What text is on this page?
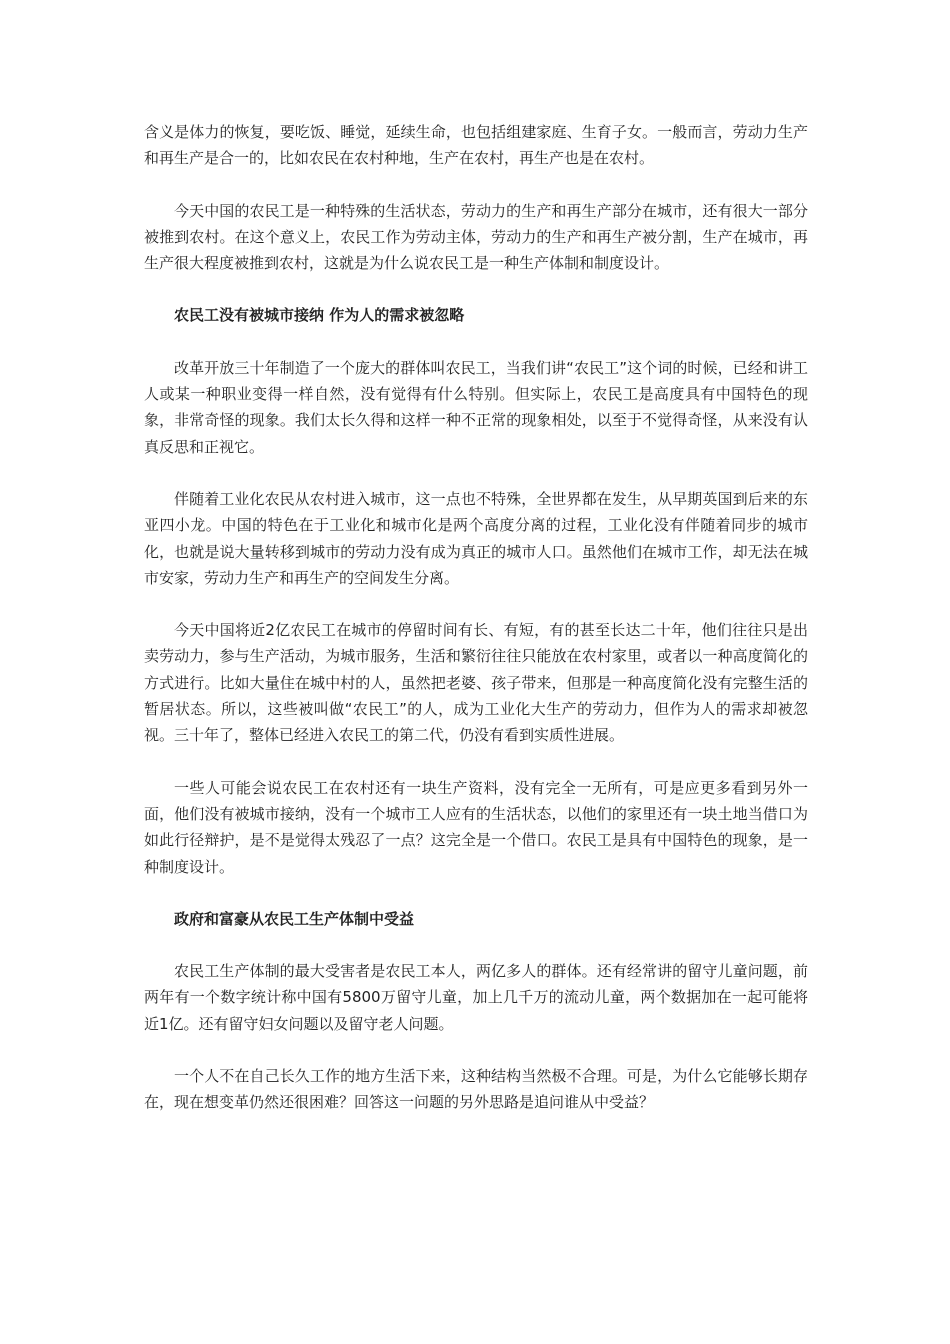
含义是体力的恢复，要吃饭、睡觉，延续生命，也包括组建家庭、生育子女。一般而言，劳动力生产和再生产是合一的，比如农民在农村种地，生产在农村，再生产也是在农村。

今天中国的农民工是一种特殊的生活状态，劳动力的生产和再生产部分在城市，还有很大一部分被推到农村。在这个意义上，农民工作为劳动主体，劳动力的生产和再生产被分割，生产在城市，再生产很大程度被推到农村，这就是为什么说农民工是一种生产体制和制度设计。

农民工没有被城市接纳 作为人的需求被忽略

改革开放三十年制造了一个庞大的群体叫农民工，当我们讲“农民工”这个词的时候，已经和讲工人或某一种职业变得一样自然，没有觉得有什么特别。但实际上，农民工是高度具有中国特色的现象，非常奇怪的现象。我们太长久得和这样一种不正常的现象相处，以至于不觉得奇怪，从来没有认真反思和正视它。

伴随着工业化农民从农村进入城市，这一点也不特殊，全世界都在发生，从早期英国到后来的东亚四小龙。中国的特色在于工业化和城市化是两个高度分离的过程，工业化没有伴随着同步的城市化，也就是说大量转移到城市的劳动力没有成为真正的城市人口。虽然他们在城市工作，却无法在城市安家，劳动力生产和再生产的空间发生分离。

今天中国将近2亿农民工在城市的停留时间有长、有短，有的甚至长达二十年，他们往往只是出卖劳动力，参与生产活动，为城市服务，生活和繁衍往往只能放在农村家里，或者以一种高度简化的方式进行。比如大量住在城中村的人，虽然把老婆、孩子带来，但那是一种高度简化没有完整生活的暂居状态。所以，这些被叫做“农民工”的人，成为工业化大生产的劳动力，但作为人的需求却被忽视。三十年了，整体已经进入农民工的第二代，仍没有看到实质性进展。

一些人可能会说农民工在农村还有一块生产资料，没有完全一无所有，可是应更多看到另外一面，他们没有被城市接纳，没有一个城市工人应有的生活状态，以他们的家里还有一块土地当借口为如此行径辩护，是不是觉得太残忍了一点？这完全是一个借口。农民工是具有中国特色的现象，是一种制度设计。

政府和富豪从农民工生产体制中受益

农民工生产体制的最大受害者是农民工本人，两亿多人的群体。还有经常讲的留守儿童问题，前两年有一个数字统计称中国有5800万留守儿童，加上几千万的流动儿童，两个数据加在一起可能将近1亿。还有留守妇女问题以及留守老人问题。

一个人不在自己长久工作的地方生活下来，这种结构当然极不合理。可是，为什么它能够长期存在，现在想变革仍然还很困难？回答这一问题的另外思路是追问谁从中受益？
